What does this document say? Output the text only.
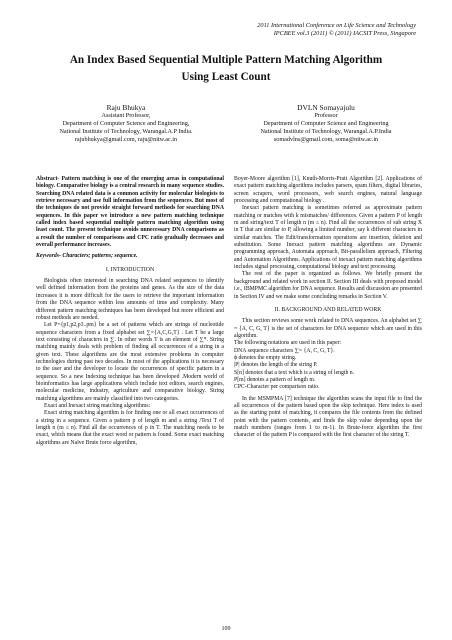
2011 International Conference on Life Science and Technology
IPCBEE vol.3 (2011) © (2011) IACSIT Press, Singapore
An Index Based Sequential Multiple Pattern Matching Algorithm
Using Least Count
Raju Bhukya
Assistant Professor,
Department of Computer Science and Engineering,
National Institute of Technology, Warangal.A.P India.
rajubhukya@gmail.com, raju@nitw.ac.in
DVLN Somayajulu
Professor
Department of Computer Science and Engineering
National Institute of Technology, Warangal.A.P.India
somadvlns@gmail.com, soma@nitw.ac.in

Abstract- Pattern matching is one of the emerging areas in computational biology. Comparative biology is a central research in many sequence studies. Searching DNA related data is a common activity for molecular biologists to retrieve necessary and use full information from the sequences. But most of the techniques do not provide straight forward methods for searching DNA sequences. In this paper we introduce a new pattern matching technique called index based sequential multiple pattern matching algorithm using least count. The present technique avoids unnecessary DNA comparisons as a result the number of comparisons and CPC ratio gradually decreases and overall performance increases.

Keywords- Characters; patterns; sequence.

I. INTRODUCTION

Biologists often interested in searching DNA related sequences to identify well defined information from the proteins and genes. As the size of the data increases it is more difficult for the users to retrieve the important information from the DNA sequence within less amounts of time and complexity. Many different pattern matching techniques has been developed but more efficient and robust methods are needed.

Let P={p1,p2,p3..pm} be a set of patterns which are strings of nucleotide sequence characters from a fixed alphabet set ∑={A,C,G,T} . Let T be a large text consisting of characters in ∑. In other words T is an element of ∑*. String matching mainly deals with problem of finding all occurrences of a string in a given text. These algorithms are the most extensive problems in computer technologies during past two decades. In most of the applications it is necessary to the user and the developer to locate the occurrences of specific pattern in a sequence. So a new Indexing technique has been developed .Modern world of bioinformatics has large applications which include text editors, search engines, molecular medicine, industry, agriculture and comparative biology. String matching algorithms are mainly classified into two categories.

Exact and Inexact string matching algorithms:

Exact string matching algorithm is for finding one or all exact occurrences of a string in a sequence. Given a pattern p of length m and a string /Text T of length n (m ≤ n). Find all the occurrences of p in T. The matching needs to be exact, which means that the exact word or pattern is found. Some exact matching algorithms are Naïve Brute force algorithm,

Boyer-Moore algorithm [1], Knuth-Morris-Pratt Algorithm [2]. Applications of exact pattern matching algorithms includes parsers, spam filters, digital libraries, screen scrapers, word processors, web search engines, natural language processing and computational biology .

Inexact pattern matching is sometimes referred as approximate pattern matching or matches with k mismatches/ differences. Given a pattern P of length m and string/text T of length n (m ≤ n). Find all the occurrences of sub string X in T that are similar to P, allowing a limited number, say k different characters in similar matches. The Edit/transformation operations are insertion, deletion and substitution. Some Inexact pattern matching algorithms are Dynamic programming approach, Automata approach, Bit-parallelism approach, Filtering and Automation Algorithms. Applications of inexact pattern matching algorithms includes signal processing, computational biology and text processing.

The rest of the paper is organized as follows. We briefly present the background and related work in section II. Section III deals with proposed model i.e., IBMPMC algorithm for DNA sequence. Results and discussion are presented in Section IV and we make some concluding remarks in Section V.

II. BACKGROUND AND RELATED WORK

This section reviews some work related to DNA sequences. An alphabet set ∑ = {A, C, G, T} is the set of characters for DNA sequence which are used in this algorithm.

The following notations are used in this paper:

DNA sequence characters ∑= {A, C, G, T}.

ϕ denotes the empty string.

|P| denotes the length of the string P.

S[n] denotes that a text which is a string of length n.

P[m] denotes a pattern of length m.

CPC-Character per comparison ratio.

In the MSMPMA [7] technique the algorithm scans the input file to find the all occurrences of the pattern based upon the skip technique. Here index is used as the starting point of matching, it compares the file contents from the defined point with the pattern contents, and finds the skip value depending upon the match numbers (ranges from 1 to m-1). In Brute-force algorithm the first character of the pattern P is compared with the first character of the string T.

109
